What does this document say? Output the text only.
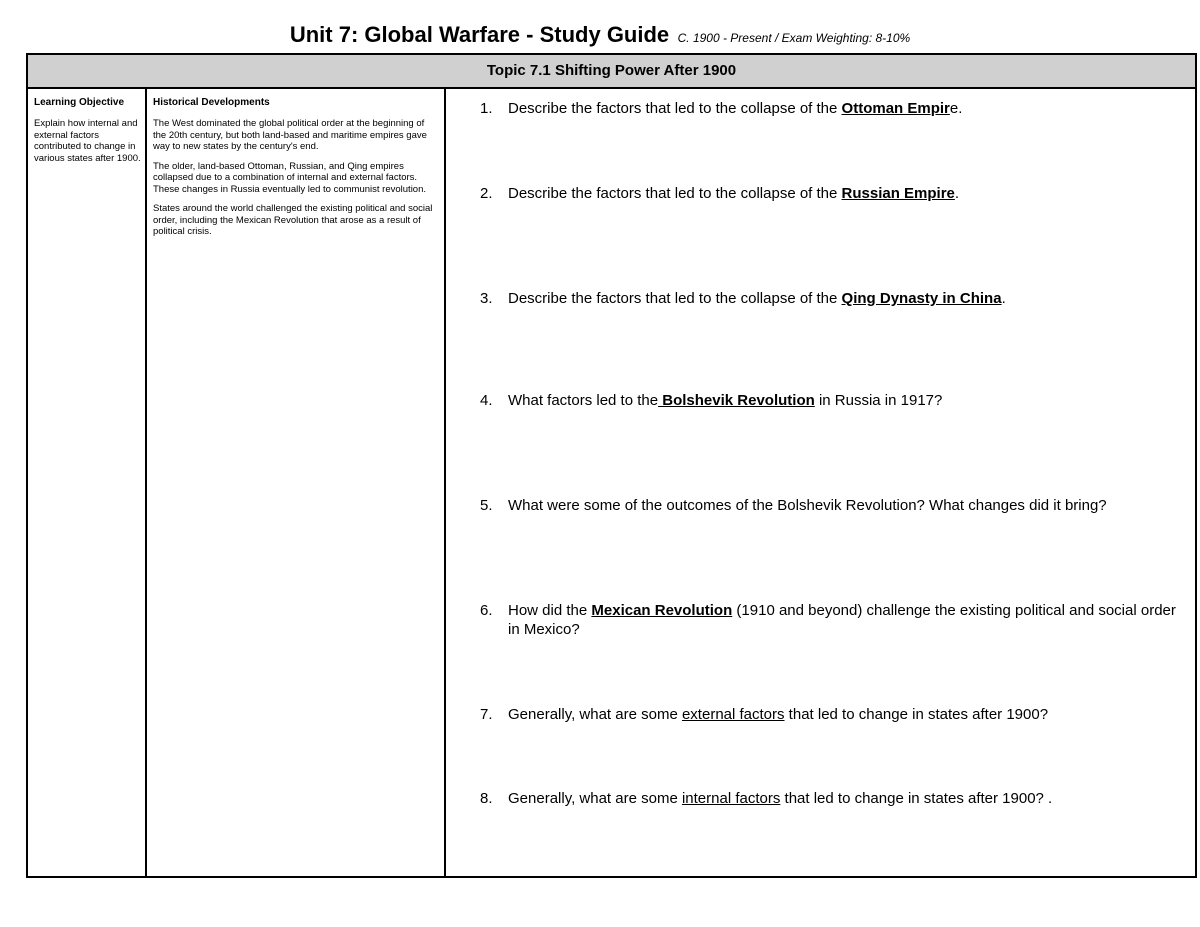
Unit 7: Global Warfare - Study Guide C. 1900 - Present / Exam Weighting: 8-10%
Topic 7.1 Shifting Power After 1900
Learning Objective
Explain how internal and external factors contributed to change in various states after 1900.
Historical Developments
The West dominated the global political order at the beginning of the 20th century, but both land-based and maritime empires gave way to new states by the century's end.
The older, land-based Ottoman, Russian, and Qing empires collapsed due to a combination of internal and external factors. These changes in Russia eventually led to communist revolution.
States around the world challenged the existing political and social order, including the Mexican Revolution that arose as a result of political crisis.
1.	Describe the factors that led to the collapse of the Ottoman Empire.
2.	Describe the factors that led to the collapse of the Russian Empire.
3.	Describe the factors that led to the collapse of the Qing Dynasty in China.
4.	What factors led to the Bolshevik Revolution in Russia in 1917?
5.	What were some of the outcomes of the Bolshevik Revolution? What changes did it bring?
6.	How did the Mexican Revolution (1910 and beyond) challenge the existing political and social order in Mexico?
7.	Generally, what are some external factors that led to change in states after 1900?
8.	Generally, what are some internal factors that led to change in states after 1900? .
